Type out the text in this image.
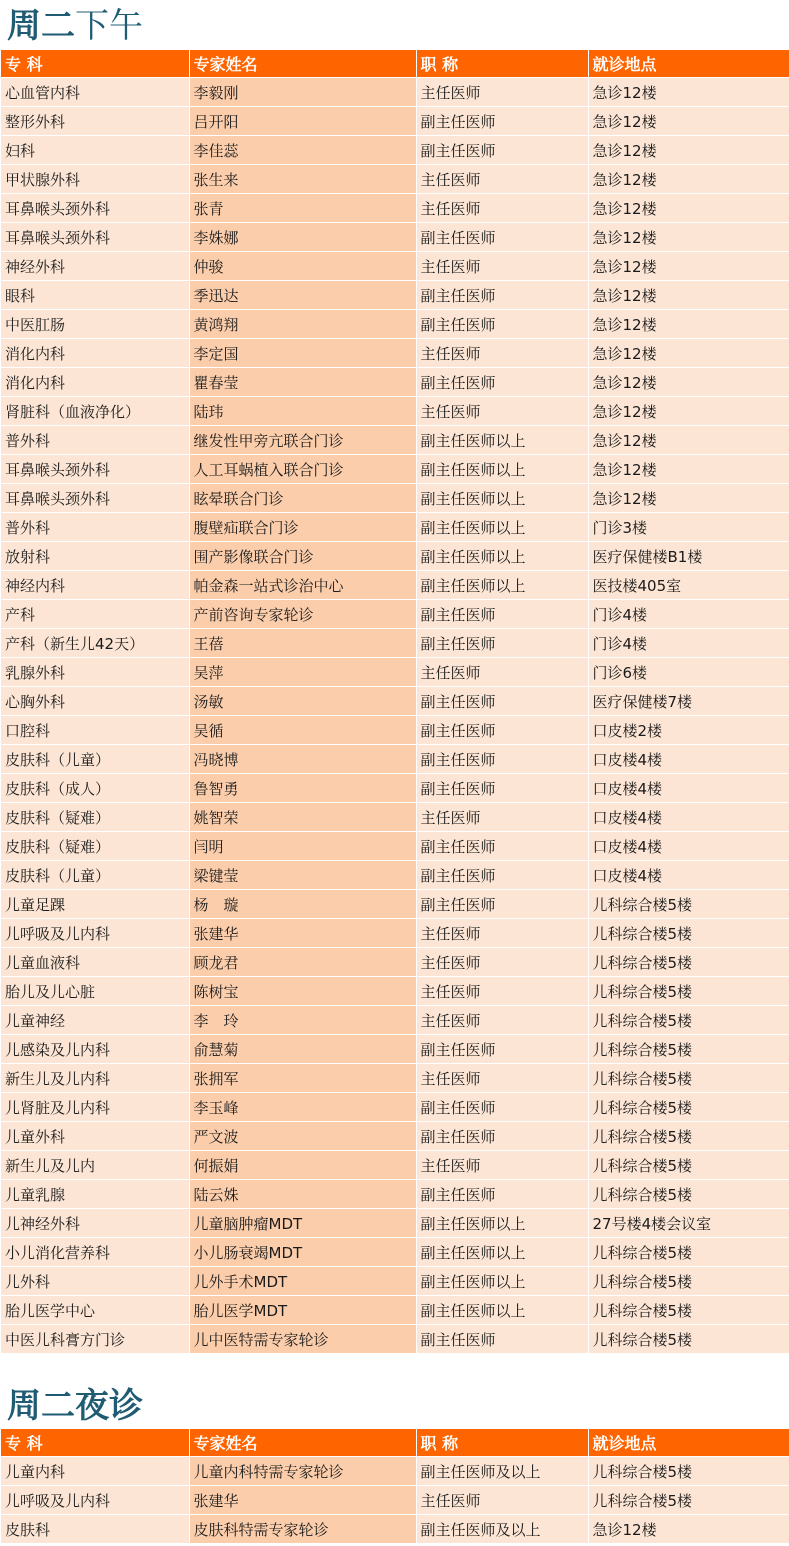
周二下午
专 科	专家姓名	职 称	就诊地点
心血管内科	李毅刚	主任医师	急诊12楼
整形外科	吕开阳	副主任医师	急诊12楼
妇科	李佳蕊	副主任医师	急诊12楼
甲状腺外科	张生来	主任医师	急诊12楼
耳鼻喉头颈外科	张青	主任医师	急诊12楼
耳鼻喉头颈外科	李姝娜	副主任医师	急诊12楼
神经外科	仲骏	主任医师	急诊12楼
眼科	季迅达	副主任医师	急诊12楼
中医肛肠	黄鸿翔	副主任医师	急诊12楼
消化内科	李定国	主任医师	急诊12楼
消化内科	瞿春莹	副主任医师	急诊12楼
肾脏科（血液净化）	陆玮	主任医师	急诊12楼
普外科	继发性甲旁亢联合门诊	副主任医师以上	急诊12楼
耳鼻喉头颈外科	人工耳蜗植入联合门诊	副主任医师以上	急诊12楼
耳鼻喉头颈外科	眩晕联合门诊	副主任医师以上	急诊12楼
普外科	腹壁疝联合门诊	副主任医师以上	门诊3楼
放射科	围产影像联合门诊	副主任医师以上	医疗保健楼B1楼
神经内科	帕金森一站式诊治中心	副主任医师以上	医技楼405室
产科	产前咨询专家轮诊	副主任医师	门诊4楼
产科（新生儿42天）	王蓓	副主任医师	门诊4楼
乳腺外科	吴萍	主任医师	门诊6楼
心胸外科	汤敏	副主任医师	医疗保健楼7楼
口腔科	吴循	副主任医师	口皮楼2楼
皮肤科（儿童）	冯晓博	副主任医师	口皮楼4楼
皮肤科（成人）	鲁智勇	副主任医师	口皮楼4楼
皮肤科（疑难）	姚智荣	主任医师	口皮楼4楼
皮肤科（疑难）	闫明	副主任医师	口皮楼4楼
皮肤科（儿童）	梁键莹	副主任医师	口皮楼4楼
儿童足踝	杨　璇	副主任医师	儿科综合楼5楼
儿呼吸及儿内科	张建华	主任医师	儿科综合楼5楼
儿童血液科	顾龙君	主任医师	儿科综合楼5楼
胎儿及儿心脏	陈树宝	主任医师	儿科综合楼5楼
儿童神经	李　玲	主任医师	儿科综合楼5楼
儿感染及儿内科	俞慧菊	副主任医师	儿科综合楼5楼
新生儿及儿内科	张拥军	主任医师	儿科综合楼5楼
儿肾脏及儿内科	李玉峰	副主任医师	儿科综合楼5楼
儿童外科	严文波	副主任医师	儿科综合楼5楼
新生儿及儿内	何振娟	主任医师	儿科综合楼5楼
儿童乳腺	陆云姝	副主任医师	儿科综合楼5楼
儿神经外科	儿童脑肿瘤MDT	副主任医师以上	27号楼4楼会议室
小儿消化营养科	小儿肠衰竭MDT	副主任医师以上	儿科综合楼5楼
儿外科	儿外手术MDT	副主任医师以上	儿科综合楼5楼
胎儿医学中心	胎儿医学MDT	副主任医师以上	儿科综合楼5楼
中医儿科膏方门诊	儿中医特需专家轮诊	副主任医师	儿科综合楼5楼
周二夜诊
专 科	专家姓名	职 称	就诊地点
儿童内科	儿童内科特需专家轮诊	副主任医师及以上	儿科综合楼5楼
儿呼吸及儿内科	张建华	主任医师	儿科综合楼5楼
皮肤科	皮肤科特需专家轮诊	副主任医师及以上	急诊12楼
